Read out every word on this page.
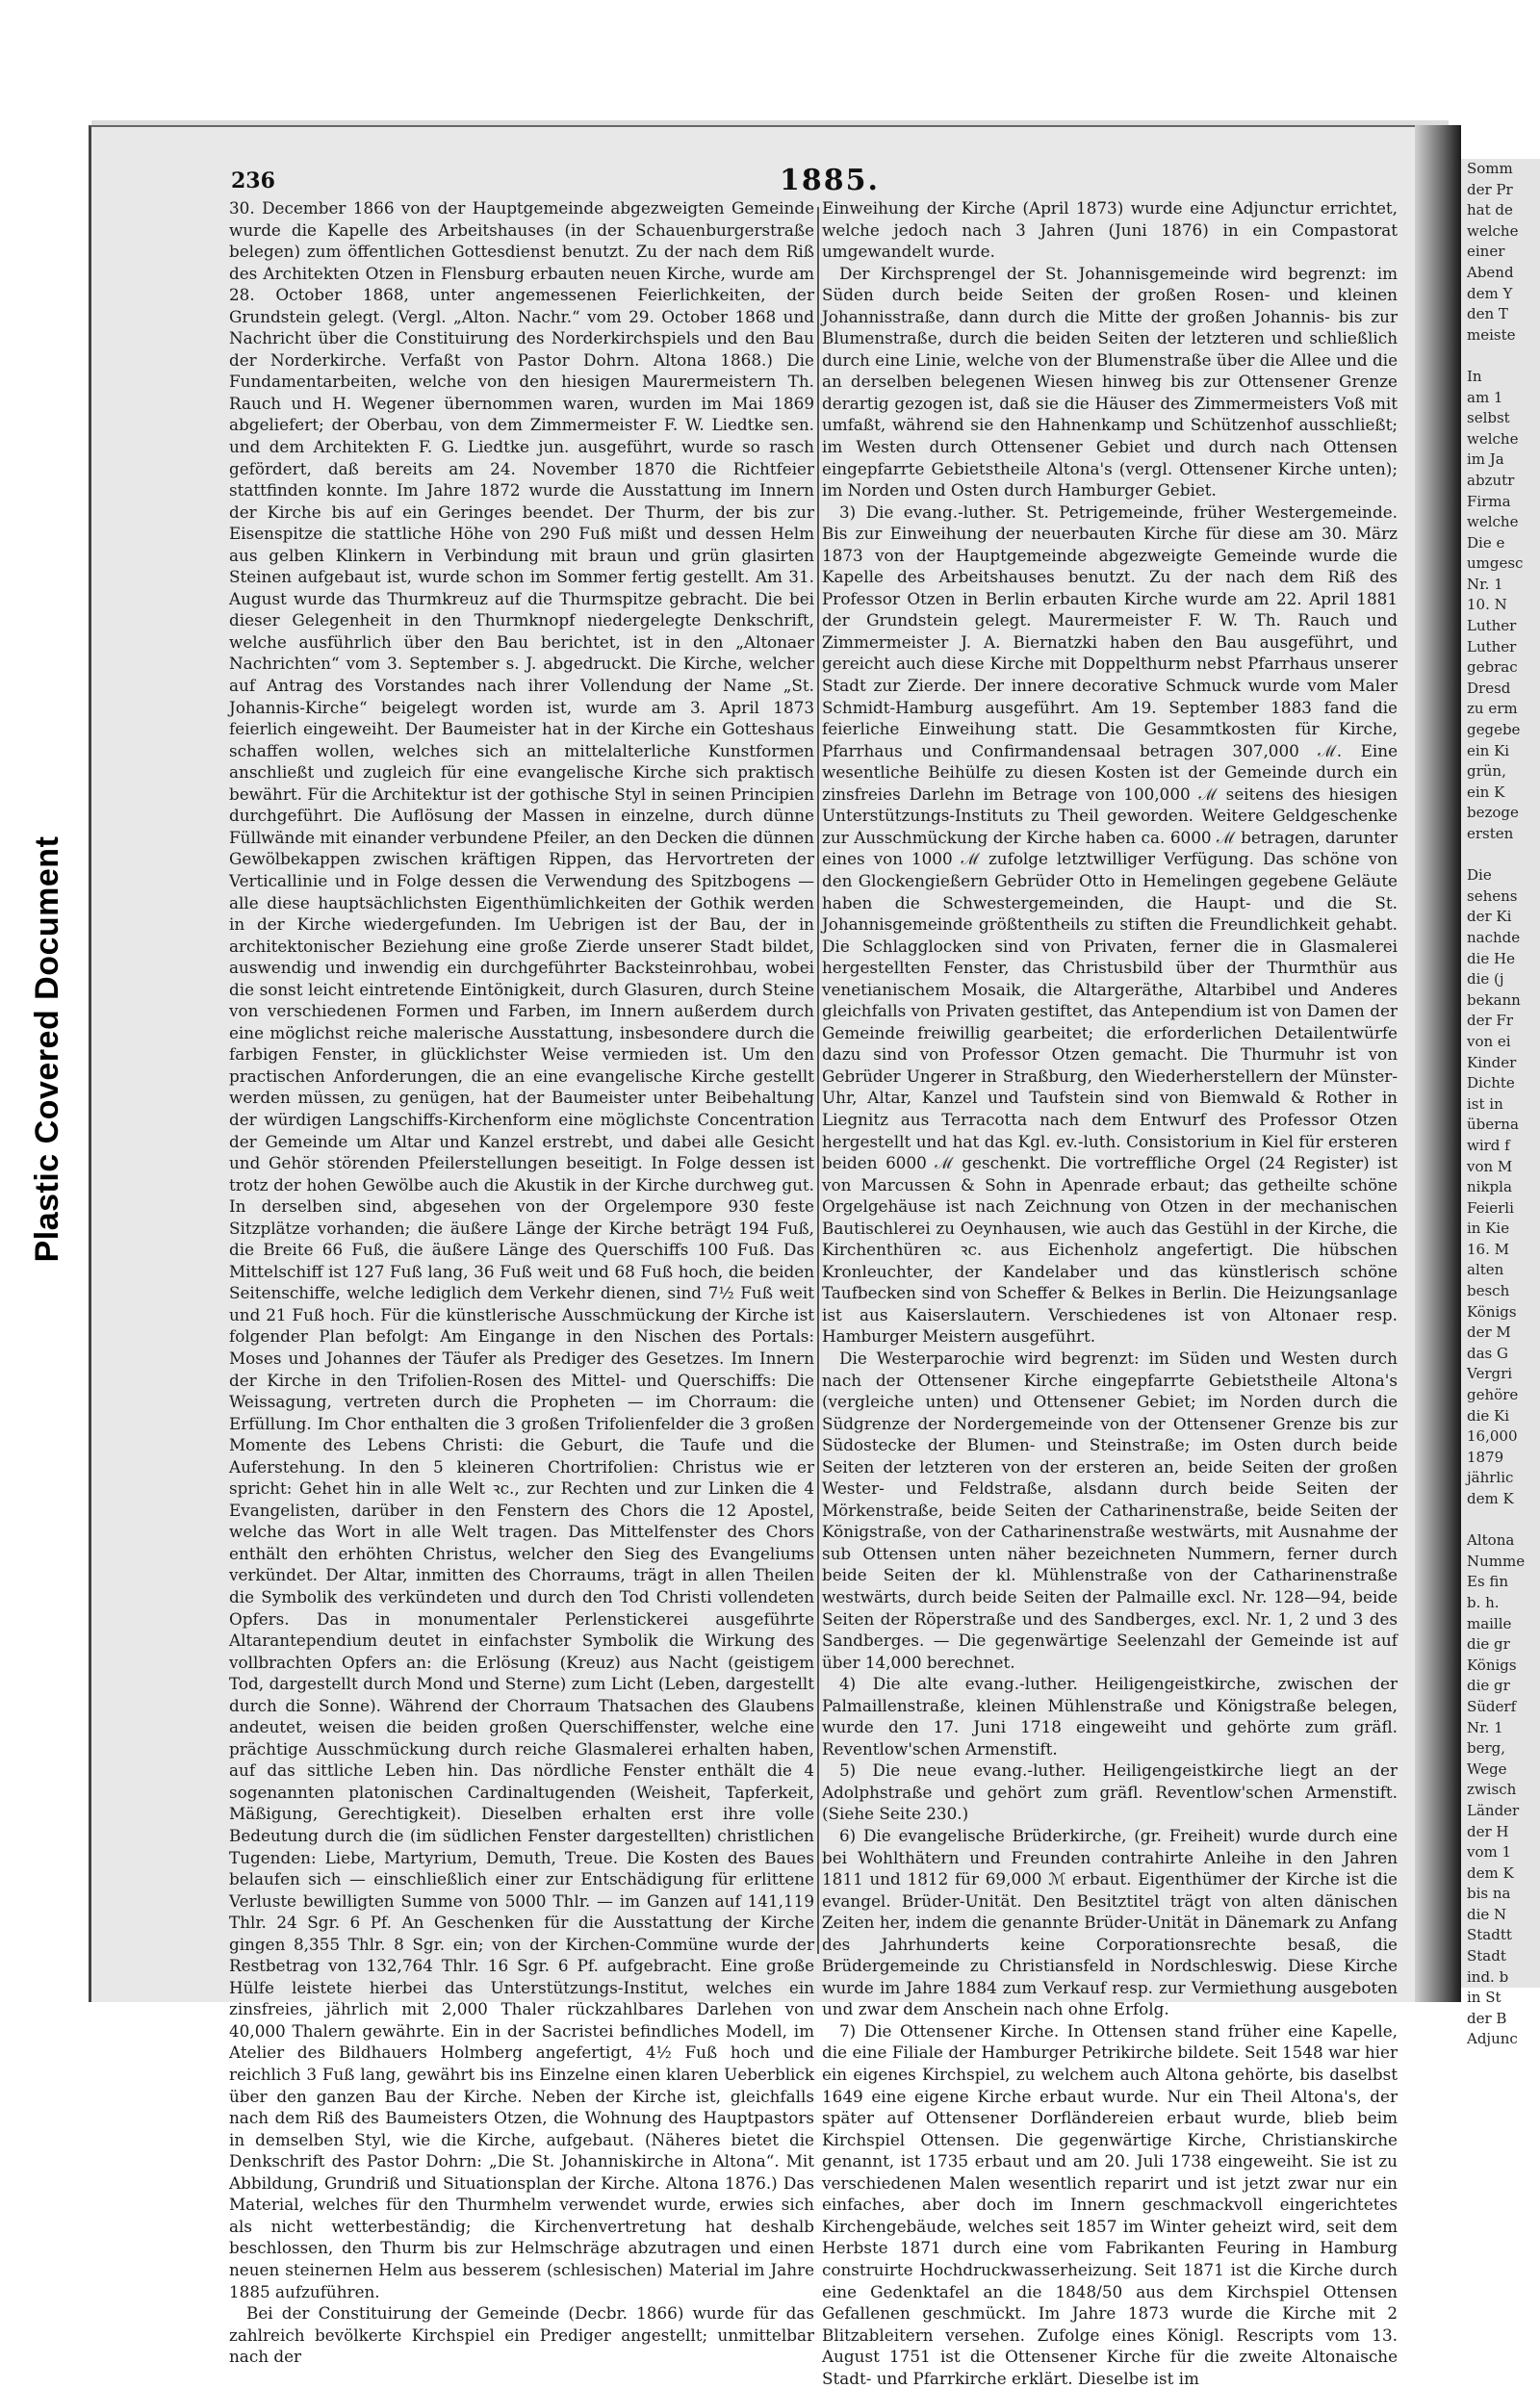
Plastic Covered Document
Somm
der Pr
hat de
welche
einer
Abend
dem Y
den T
meiste

In
am 1
selbst
welche
im Ja
abzutr
Firma
welche
Die e
umgesc
Nr. 1
10. N
Luther
Luther
gebrac
Dresd
zu erm
gegebe
ein Ki
grün,
ein K
bezoge
ersten

Die
sehens
der Ki
nachde
die He
die (j
bekann
der Fr
von ei
Kinder
Dichte
ist in
überna
wird f
von M
nikpla
Feierli
in Kie
16. M
alten
besch
Königs
der M
das G
Vergri
gehöre
die Ki
16,000
1879
jährlic
dem K

Altona
Numme
Es fin
b. h.
maille
die gr
Königs
die gr
Süderf
Nr. 1
berg,
Wege
zwisch
Länder
der H
vom 1
dem K
bis na
die N
Stadtt
Stadt
ind. b
in St
der B
Adjunc
236	1885.

30. December 1866 von der Hauptgemeinde abgezweigten Gemeinde wurde die Kapelle des Arbeitshauses (in der Schauenburgerstraße belegen) zum öffentlichen Gottesdienst benutzt. Zu der nach dem Riß des Architekten Otzen in Flensburg erbauten neuen Kirche, wurde am 28. October 1868, unter angemessenen Feierlichkeiten, der Grundstein gelegt. (Vergl. „Alton. Nachr.“ vom 29. October 1868 und Nachricht über die Constituirung des Norderkirchspiels und den Bau der Norderkirche. Verfaßt von Pastor Dohrn. Altona 1868.) Die Fundamentarbeiten, welche von den hiesigen Maurermeistern Th. Rauch und H. Wegener übernommen waren, wurden im Mai 1869 abgeliefert; der Oberbau, von dem Zimmermeister F. W. Liedtke sen. und dem Architekten F. G. Liedtke jun. ausgeführt, wurde so rasch gefördert, daß bereits am 24. November 1870 die Richtfeier stattfinden konnte. Im Jahre 1872 wurde die Ausstattung im Innern der Kirche bis auf ein Geringes beendet. Der Thurm, der bis zur Eisenspitze die stattliche Höhe von 290 Fuß mißt und dessen Helm aus gelben Klinkern in Verbindung mit braun und grün glasirten Steinen aufgebaut ist, wurde schon im Sommer fertig gestellt. Am 31. August wurde das Thurmkreuz auf die Thurmspitze gebracht. Die bei dieser Gelegenheit in den Thurmknopf niedergelegte Denkschrift, welche ausführlich über den Bau berichtet, ist in den „Altonaer Nachrichten“ vom 3. September s. J. abgedruckt. Die Kirche, welcher auf Antrag des Vorstandes nach ihrer Vollendung der Name „St. Johannis-Kirche“ beigelegt worden ist, wurde am 3. April 1873 feierlich eingeweiht. Der Baumeister hat in der Kirche ein Gotteshaus schaffen wollen, welches sich an mittelalterliche Kunstformen anschließt und zugleich für eine evangelische Kirche sich praktisch bewährt. Für die Architektur ist der gothische Styl in seinen Principien durchgeführt. Die Auflösung der Massen in einzelne, durch dünne Füllwände mit einander verbundene Pfeiler, an den Decken die dünnen Gewölbekappen zwischen kräftigen Rippen, das Hervortreten der Verticallinie und in Folge dessen die Verwendung des Spitzbogens — alle diese hauptsächlichsten Eigenthümlichkeiten der Gothik werden in der Kirche wiedergefunden. Im Uebrigen ist der Bau, der in architektonischer Beziehung eine große Zierde unserer Stadt bildet, auswendig und inwendig ein durchgeführter Backsteinrohbau, wobei die sonst leicht eintretende Eintönigkeit, durch Glasuren, durch Steine von verschiedenen Formen und Farben, im Innern außerdem durch eine möglichst reiche malerische Ausstattung, insbesondere durch die farbigen Fenster, in glücklichster Weise vermieden ist. Um den practischen Anforderungen, die an eine evangelische Kirche gestellt werden müssen, zu genügen, hat der Baumeister unter Beibehaltung der würdigen Langschiffs-Kirchenform eine möglichste Concentration der Gemeinde um Altar und Kanzel erstrebt, und dabei alle Gesicht und Gehör störenden Pfeilerstellungen beseitigt. In Folge dessen ist trotz der hohen Gewölbe auch die Akustik in der Kirche durchweg gut. In derselben sind, abgesehen von der Orgelempore 930 feste Sitzplätze vorhanden; die äußere Länge der Kirche beträgt 194 Fuß, die Breite 66 Fuß, die äußere Länge des Querschiffs 100 Fuß. Das Mittelschiff ist 127 Fuß lang, 36 Fuß weit und 68 Fuß hoch, die beiden Seitenschiffe, welche lediglich dem Verkehr dienen, sind 7½ Fuß weit und 21 Fuß hoch. Für die künstlerische Ausschmückung der Kirche ist folgender Plan befolgt: Am Eingange in den Nischen des Portals: Moses und Johannes der Täufer als Prediger des Gesetzes. Im Innern der Kirche in den Trifolien-Rosen des Mittel- und Querschiffs: Die Weissagung, vertreten durch die Propheten — im Chorraum: die Erfüllung. Im Chor enthalten die 3 großen Trifolienfelder die 3 großen Momente des Lebens Christi: die Geburt, die Taufe und die Auferstehung. In den 5 kleineren Chortrifolien: Christus wie er spricht: Gehet hin in alle Welt ꝛc., zur Rechten und zur Linken die 4 Evangelisten, darüber in den Fenstern des Chors die 12 Apostel, welche das Wort in alle Welt tragen. Das Mittelfenster des Chors enthält den erhöhten Christus, welcher den Sieg des Evangeliums verkündet. Der Altar, inmitten des Chorraums, trägt in allen Theilen die Symbolik des verkündeten und durch den Tod Christi vollendeten Opfers. Das in monumentaler Perlenstickerei ausgeführte Altarantependium deutet in einfachster Symbolik die Wirkung des vollbrachten Opfers an: die Erlösung (Kreuz) aus Nacht (geistigem Tod, dargestellt durch Mond und Sterne) zum Licht (Leben, dargestellt durch die Sonne). Während der Chorraum Thatsachen des Glaubens andeutet, weisen die beiden großen Querschiffenster, welche eine prächtige Ausschmückung durch reiche Glasmalerei erhalten haben, auf das sittliche Leben hin. Das nördliche Fenster enthält die 4 sogenannten platonischen Cardinaltugenden (Weisheit, Tapferkeit, Mäßigung, Gerechtigkeit). Dieselben erhalten erst ihre volle Bedeutung durch die (im südlichen Fenster dargestellten) christlichen Tugenden: Liebe, Martyrium, Demuth, Treue. Die Kosten des Baues belaufen sich — einschließlich einer zur Entschädigung für erlittene Verluste bewilligten Summe von 5000 Thlr. — im Ganzen auf 141,119 Thlr. 24 Sgr. 6 Pf. An Geschenken für die Ausstattung der Kirche gingen 8,355 Thlr. 8 Sgr. ein; von der Kirchen-Commüne wurde der Restbetrag von 132,764 Thlr. 16 Sgr. 6 Pf. aufgebracht. Eine große Hülfe leistete hierbei das Unterstützungs-Institut, welches ein zinsfreies, jährlich mit 2,000 Thaler rückzahlbares Darlehen von 40,000 Thalern gewährte. Ein in der Sacristei befindliches Modell, im Atelier des Bildhauers Holmberg angefertigt, 4½ Fuß hoch und reichlich 3 Fuß lang, gewährt bis ins Einzelne einen klaren Ueberblick über den ganzen Bau der Kirche. Neben der Kirche ist, gleichfalls nach dem Riß des Baumeisters Otzen, die Wohnung des Hauptpastors in demselben Styl, wie die Kirche, aufgebaut. (Näheres bietet die Denkschrift des Pastor Dohrn: „Die St. Johanniskirche in Altona“. Mit Abbildung, Grundriß und Situationsplan der Kirche. Altona 1876.) Das Material, welches für den Thurmhelm verwendet wurde, erwies sich als nicht wetterbeständig; die Kirchenvertretung hat deshalb beschlossen, den Thurm bis zur Helmschräge abzutragen und einen neuen steinernen Helm aus besserem (schlesischen) Material im Jahre 1885 aufzuführen.

Bei der Constituirung der Gemeinde (Decbr. 1866) wurde für das zahlreich bevölkerte Kirchspiel ein Prediger angestellt; unmittelbar nach der

Einweihung der Kirche (April 1873) wurde eine Adjunctur errichtet, welche jedoch nach 3 Jahren (Juni 1876) in ein Compastorat umgewandelt wurde.

Der Kirchsprengel der St. Johannisgemeinde wird begrenzt: im Süden durch beide Seiten der großen Rosen- und kleinen Johannisstraße, dann durch die Mitte der großen Johannis- bis zur Blumenstraße, durch die beiden Seiten der letzteren und schließlich durch eine Linie, welche von der Blumenstraße über die Allee und die an derselben belegenen Wiesen hinweg bis zur Ottensener Grenze derartig gezogen ist, daß sie die Häuser des Zimmermeisters Voß mit umfaßt, während sie den Hahnenkamp und Schützenhof ausschließt; im Westen durch Ottensener Gebiet und durch nach Ottensen eingepfarrte Gebietstheile Altona's (vergl. Ottensener Kirche unten); im Norden und Osten durch Hamburger Gebiet.

3) Die evang.-luther. St. Petrigemeinde, früher Westergemeinde. Bis zur Einweihung der neuerbauten Kirche für diese am 30. März 1873 von der Hauptgemeinde abgezweigte Gemeinde wurde die Kapelle des Arbeitshauses benutzt. Zu der nach dem Riß des Professor Otzen in Berlin erbauten Kirche wurde am 22. April 1881 der Grundstein gelegt. Maurermeister F. W. Th. Rauch und Zimmermeister J. A. Biernatzki haben den Bau ausgeführt, und gereicht auch diese Kirche mit Doppelthurm nebst Pfarrhaus unserer Stadt zur Zierde. Der innere decorative Schmuck wurde vom Maler Schmidt-Hamburg ausgeführt. Am 19. September 1883 fand die feierliche Einweihung statt. Die Gesammtkosten für Kirche, Pfarrhaus und Confirmandensaal betragen 307,000 ℳ. Eine wesentliche Beihülfe zu diesen Kosten ist der Gemeinde durch ein zinsfreies Darlehn im Betrage von 100,000 ℳ seitens des hiesigen Unterstützungs-Instituts zu Theil geworden. Weitere Geldgeschenke zur Ausschmückung der Kirche haben ca. 6000 ℳ betragen, darunter eines von 1000 ℳ zufolge letztwilliger Verfügung. Das schöne von den Glockengießern Gebrüder Otto in Hemelingen gegebene Geläute haben die Schwestergemeinden, die Haupt- und die St. Johannisgemeinde größtentheils zu stiften die Freundlichkeit gehabt. Die Schlagglocken sind von Privaten, ferner die in Glasmalerei hergestellten Fenster, das Christusbild über der Thurmthür aus venetianischem Mosaik, die Altargeräthe, Altarbibel und Anderes gleichfalls von Privaten gestiftet, das Antependium ist von Damen der Gemeinde freiwillig gearbeitet; die erforderlichen Detailentwürfe dazu sind von Professor Otzen gemacht. Die Thurmuhr ist von Gebrüder Ungerer in Straßburg, den Wiederherstellern der Münster-Uhr, Altar, Kanzel und Taufstein sind von Biemwald & Rother in Liegnitz aus Terracotta nach dem Entwurf des Professor Otzen hergestellt und hat das Kgl. ev.-luth. Consistorium in Kiel für ersteren beiden 6000 ℳ geschenkt. Die vortreffliche Orgel (24 Register) ist von Marcussen & Sohn in Apenrade erbaut; das getheilte schöne Orgelgehäuse ist nach Zeichnung von Otzen in der mechanischen Bautischlerei zu Oeynhausen, wie auch das Gestühl in der Kirche, die Kirchenthüren ꝛc. aus Eichenholz angefertigt. Die hübschen Kronleuchter, der Kandelaber und das künstlerisch schöne Taufbecken sind von Scheffer & Belkes in Berlin. Die Heizungsanlage ist aus Kaiserslautern. Verschiedenes ist von Altonaer resp. Hamburger Meistern ausgeführt.

Die Westerparochie wird begrenzt: im Süden und Westen durch nach der Ottensener Kirche eingepfarrte Gebietstheile Altona's (vergleiche unten) und Ottensener Gebiet; im Norden durch die Südgrenze der Nordergemeinde von der Ottensener Grenze bis zur Südostecke der Blumen- und Steinstraße; im Osten durch beide Seiten der letzteren von der ersteren an, beide Seiten der großen Wester- und Feldstraße, alsdann durch beide Seiten der Mörkenstraße, beide Seiten der Catharinenstraße, beide Seiten der Königstraße, von der Catharinenstraße westwärts, mit Ausnahme der sub Ottensen unten näher bezeichneten Nummern, ferner durch beide Seiten der kl. Mühlenstraße von der Catharinenstraße westwärts, durch beide Seiten der Palmaille excl. Nr. 128—94, beide Seiten der Röperstraße und des Sandberges, excl. Nr. 1, 2 und 3 des Sandberges. — Die gegenwärtige Seelenzahl der Gemeinde ist auf über 14,000 berechnet.

4) Die alte evang.-luther. Heiligengeistkirche, zwischen der Palmaillenstraße, kleinen Mühlenstraße und Königstraße belegen, wurde den 17. Juni 1718 eingeweiht und gehörte zum gräfl. Reventlow'schen Armenstift.

5) Die neue evang.-luther. Heiligengeistkirche liegt an der Adolphstraße und gehört zum gräfl. Reventlow'schen Armenstift. (Siehe Seite 230.)

6) Die evangelische Brüderkirche, (gr. Freiheit) wurde durch eine bei Wohlthätern und Freunden contrahirte Anleihe in den Jahren 1811 und 1812 für 69,000 ℳ erbaut. Eigenthümer der Kirche ist die evangel. Brüder-Unität. Den Besitztitel trägt von alten dänischen Zeiten her, indem die genannte Brüder-Unität in Dänemark zu Anfang des Jahrhunderts keine Corporationsrechte besaß, die Brüdergemeinde zu Christiansfeld in Nordschleswig. Diese Kirche wurde im Jahre 1884 zum Verkauf resp. zur Vermiethung ausgeboten und zwar dem Anschein nach ohne Erfolg.

7) Die Ottensener Kirche. In Ottensen stand früher eine Kapelle, die eine Filiale der Hamburger Petrikirche bildete. Seit 1548 war hier ein eigenes Kirchspiel, zu welchem auch Altona gehörte, bis daselbst 1649 eine eigene Kirche erbaut wurde. Nur ein Theil Altona's, der später auf Ottensener Dorfländereien erbaut wurde, blieb beim Kirchspiel Ottensen. Die gegenwärtige Kirche, Christianskirche genannt, ist 1735 erbaut und am 20. Juli 1738 eingeweiht. Sie ist zu verschiedenen Malen wesentlich reparirt und ist jetzt zwar nur ein einfaches, aber doch im Innern geschmackvoll eingerichtetes Kirchengebäude, welches seit 1857 im Winter geheizt wird, seit dem Herbste 1871 durch eine vom Fabrikanten Feuring in Hamburg construirte Hochdruckwasserheizung. Seit 1871 ist die Kirche durch eine Gedenktafel an die 1848/50 aus dem Kirchspiel Ottensen Gefallenen geschmückt. Im Jahre 1873 wurde die Kirche mit 2 Blitzableitern versehen. Zufolge eines Königl. Rescripts vom 13. August 1751 ist die Ottensener Kirche für die zweite Altonaische Stadt- und Pfarrkirche erklärt. Dieselbe ist im
